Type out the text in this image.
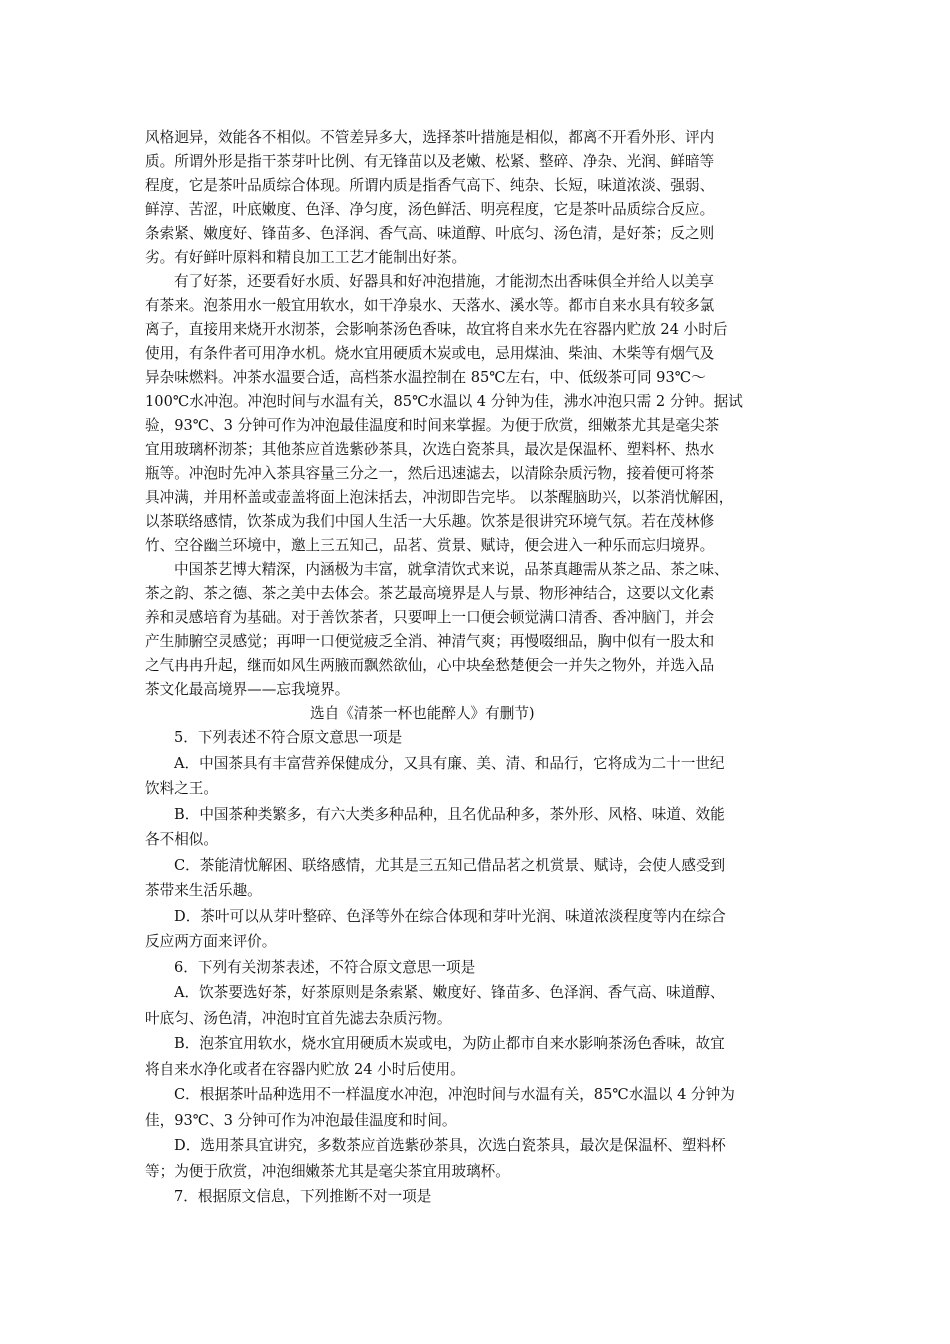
风格迥异，效能各不相似。不管差异多大，选择茶叶措施是相似，都离不开看外形、评内
质。所谓外形是指干茶芽叶比例、有无锋苗以及老嫩、松紧、整碎、净杂、光润、鲜暗等
程度，它是茶叶品质综合体现。所谓内质是指香气高下、纯杂、长短，味道浓淡、强弱、
鲜淳、苦涩，叶底嫩度、色泽、净匀度，汤色鲜活、明亮程度，它是茶叶品质综合反应。
条索紧、嫩度好、锋苗多、色泽润、香气高、味道醇、叶底匀、汤色清，是好茶；反之则
劣。有好鲜叶原料和精良加工工艺才能制出好茶。
有了好茶，还要看好水质、好器具和好冲泡措施，才能沏杰出香味俱全并给人以美享
有茶来。泡茶用水一般宜用软水，如干净泉水、天落水、溪水等。都市自来水具有较多氯
离子，直接用来烧开水沏茶，会影响茶汤色香味，故宜将自来水先在容器内贮放 24 小时后
使用，有条件者可用净水机。烧水宜用硬质木炭或电，忌用煤油、柴油、木柴等有烟气及
异杂味燃料。冲茶水温要合适，高档茶水温控制在 85℃左右，中、低级茶可同 93℃～
100℃水冲泡。冲泡时间与水温有关，85℃水温以 4 分钟为佳，沸水冲泡只需 2 分钟。据试
验，93℃、3 分钟可作为冲泡最佳温度和时间来掌握。为便于欣赏，细嫩茶尤其是毫尖茶
宜用玻璃杯沏茶；其他茶应首选紫砂茶具，次选白瓷茶具，最次是保温杯、塑料杯、热水
瓶等。冲泡时先冲入茶具容量三分之一，然后迅速滤去，以清除杂质污物，接着便可将茶
具冲满，并用杯盖或壶盖将面上泡沫括去，冲沏即告完毕。 以茶醒脑助兴，以茶消忧解困，
以茶联络感情，饮茶成为我们中国人生活一大乐趣。饮茶是很讲究环境气氛。若在茂林修
竹、空谷幽兰环境中，邀上三五知己，品茗、赏景、赋诗，便会进入一种乐而忘归境界。
中国茶艺博大精深，内涵极为丰富，就拿清饮式来说，品茶真趣需从茶之品、茶之味、
茶之韵、茶之德、茶之美中去体会。茶艺最高境界是人与景、物形神结合，这要以文化素
养和灵感培育为基础。对于善饮茶者，只要呷上一口便会顿觉满口清香、香冲脑门，并会
产生肺腑空灵感觉；再呷一口便觉疲乏全消、神清气爽；再慢啜细品，胸中似有一股太和
之气冉冉升起，继而如风生两腋而飘然欲仙，心中块垒愁楚便会一并失之物外，并选入品
茶文化最高境界——忘我境界。
选自《清茶一杯也能醉人》有删节)
5．下列表述不符合原文意思一项是
A．中国茶具有丰富营养保健成分，又具有廉、美、清、和品行，它将成为二十一世纪
饮料之王。
B．中国茶种类繁多，有六大类多种品种，且名优品种多，茶外形、风格、味道、效能
各不相似。
C．茶能清忧解困、联络感情，尤其是三五知己借品茗之机赏景、赋诗，会使人感受到
茶带来生活乐趣。
D．茶叶可以从芽叶整碎、色泽等外在综合体现和芽叶光润、味道浓淡程度等内在综合
反应两方面来评价。
6．下列有关沏茶表述，不符合原文意思一项是
A．饮茶要选好茶，好茶原则是条索紧、嫩度好、锋苗多、色泽润、香气高、味道醇、
叶底匀、汤色清，冲泡时宜首先滤去杂质污物。
B．泡茶宜用软水，烧水宜用硬质木炭或电，为防止都市自来水影响茶汤色香味，故宜
将自来水净化或者在容器内贮放 24 小时后使用。
C．根据茶叶品种选用不一样温度水冲泡，冲泡时间与水温有关，85℃水温以 4 分钟为
佳，93℃、3 分钟可作为冲泡最佳温度和时间。
D．选用茶具宜讲究，多数茶应首选紫砂茶具，次选白瓷茶具，最次是保温杯、塑料杯
等；为便于欣赏，冲泡细嫩茶尤其是毫尖茶宜用玻璃杯。
7．根据原文信息，下列推断不对一项是
